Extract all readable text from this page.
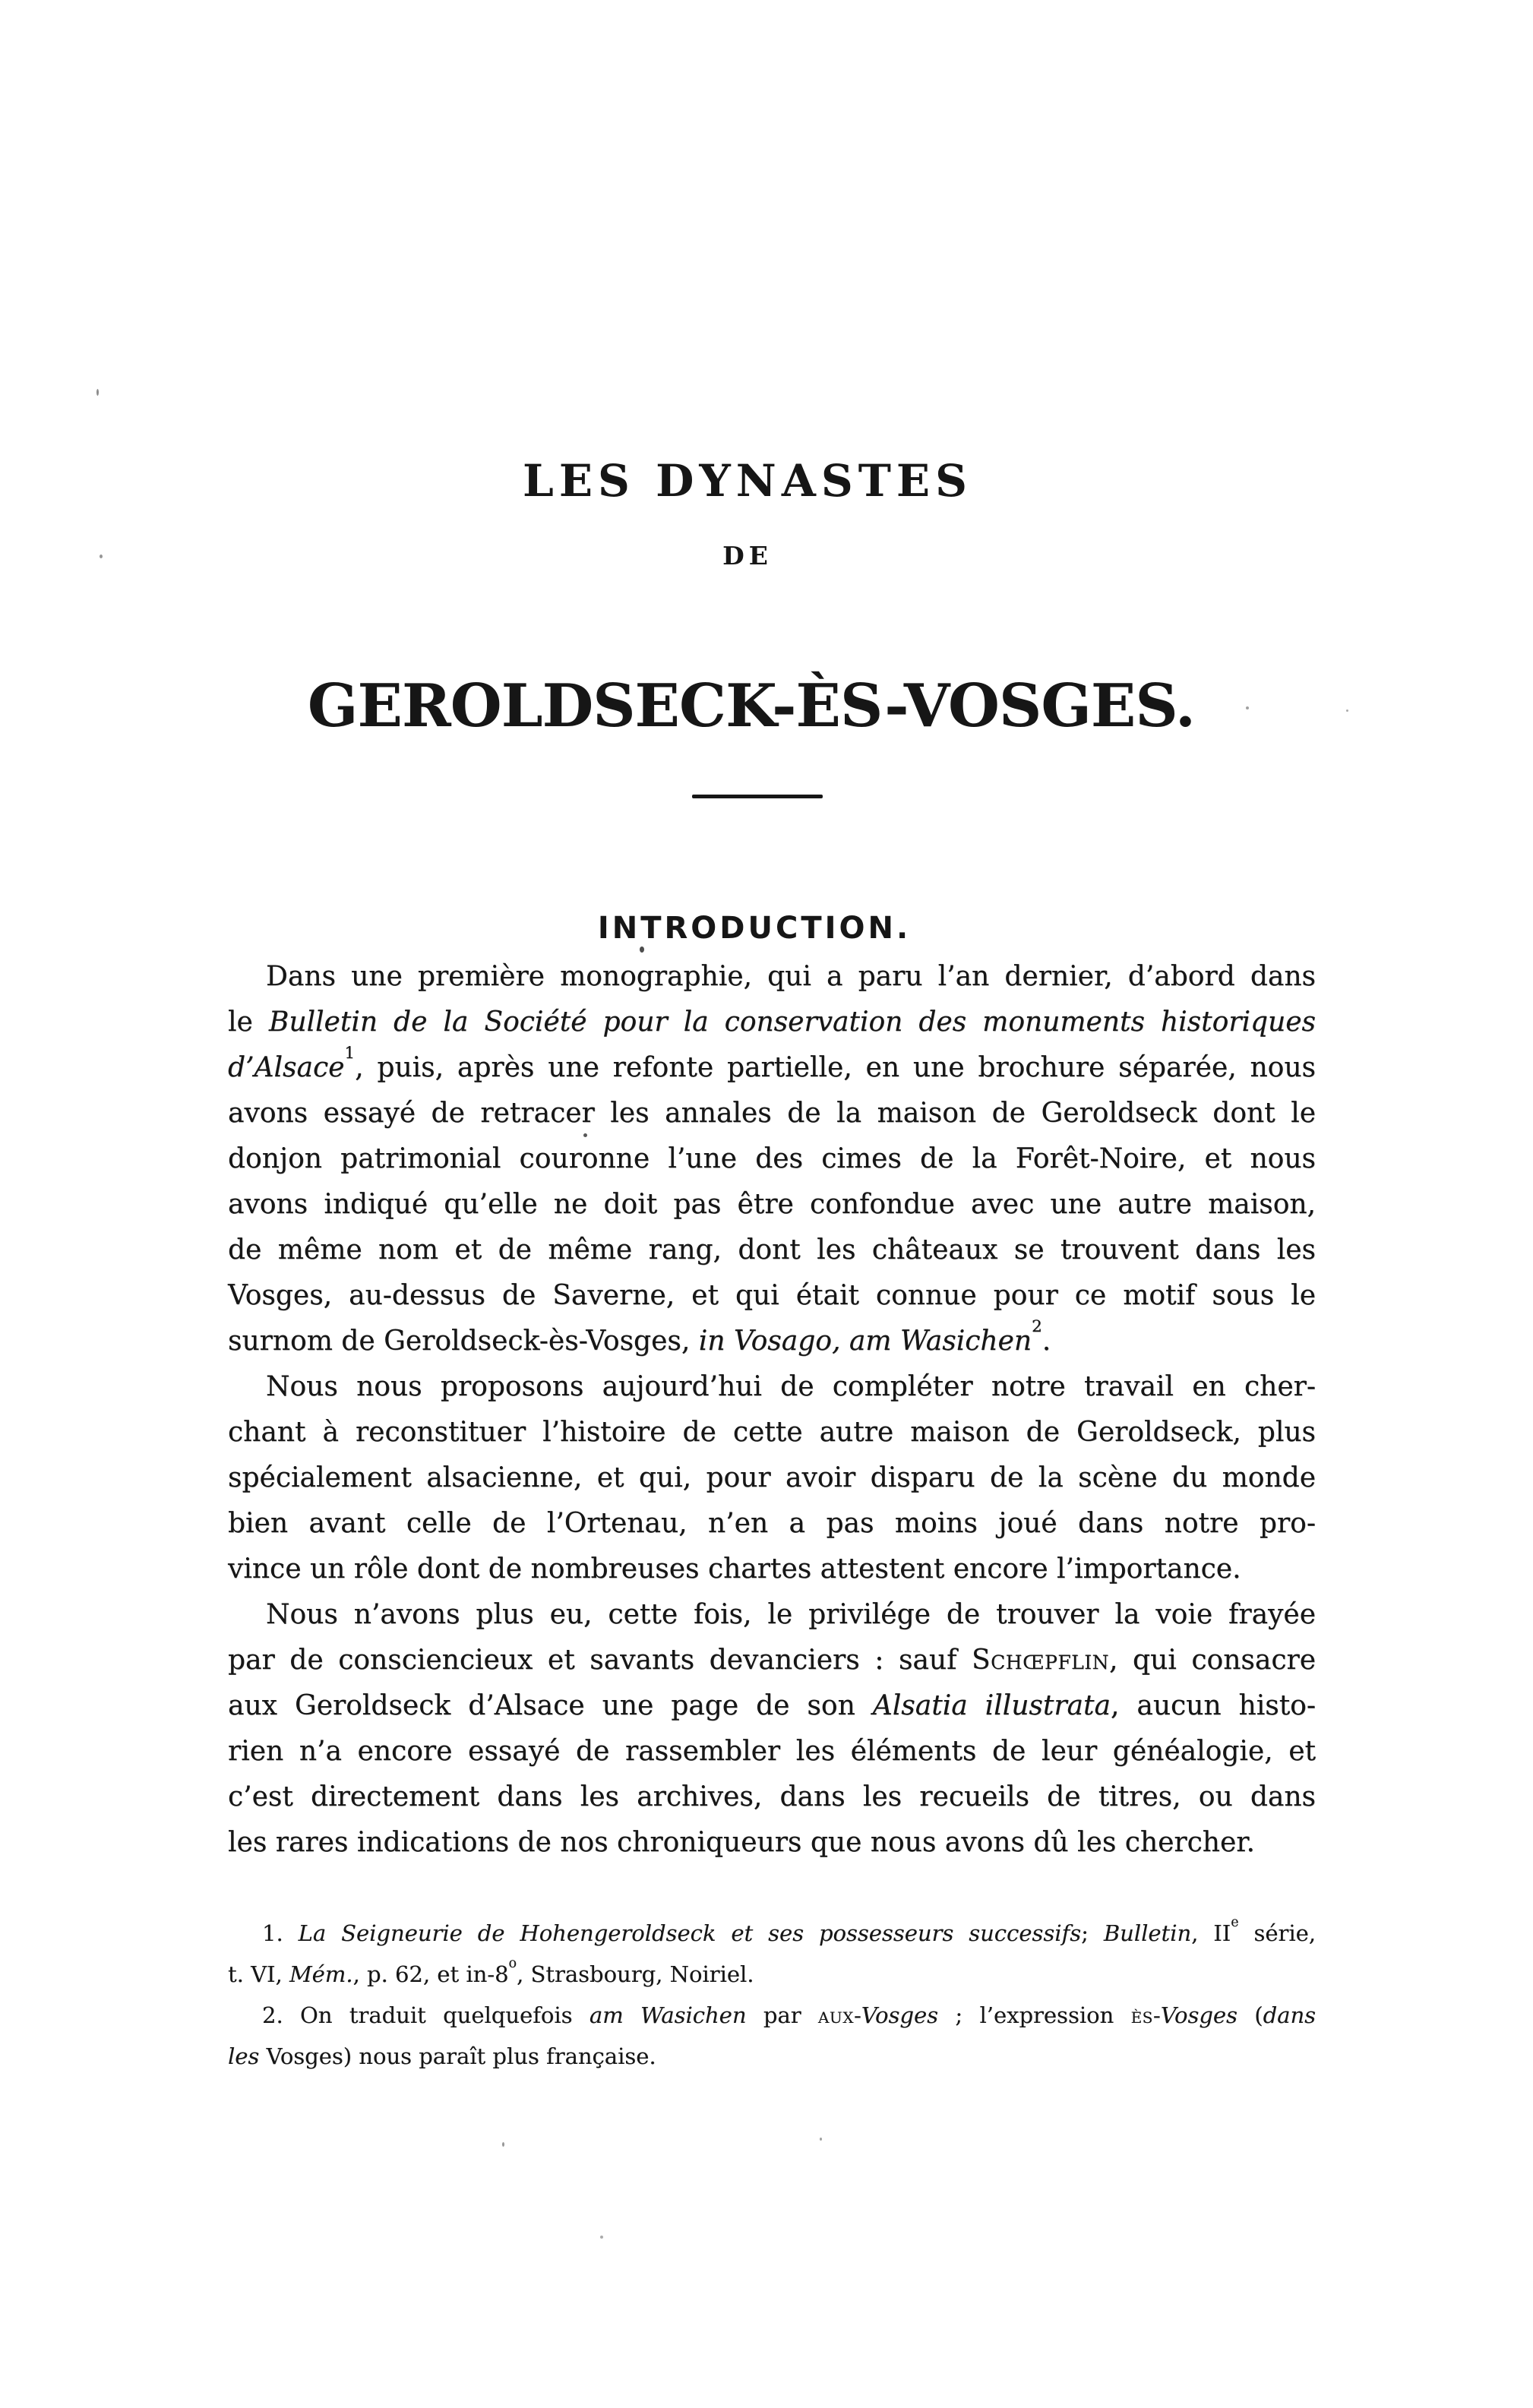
LES DYNASTES
DE
GEROLDSECK-ÈS-VOSGES.
INTRODUCTION.
Dans une première monographie, qui a paru l’an dernier, d’abord dans
le Bulletin de la Société pour la conservation des monuments historiques
d’Alsace$^1$, puis, après une refonte partielle, en une brochure séparée, nous
avons essayé de retracer les annales de la maison de Geroldseck dont le
donjon patrimonial couronne l’une des cimes de la Forêt-Noire, et nous
avons indiqué qu’elle ne doit pas être confondue avec une autre maison,
de même nom et de même rang, dont les châteaux se trouvent dans les
Vosges, au-dessus de Saverne, et qui était connue pour ce motif sous le
surnom de Geroldseck-ès-Vosges, in Vosago, am Wasichen$^2$.
Nous nous proposons aujourd’hui de compléter notre travail en cher-
chant à reconstituer l’histoire de cette autre maison de Geroldseck, plus
spécialement alsacienne, et qui, pour avoir disparu de la scène du monde
bien avant celle de l’Ortenau, n’en a pas moins joué dans notre pro-
vince un rôle dont de nombreuses chartes attestent encore l’importance.
Nous n’avons plus eu, cette fois, le privilége de trouver la voie frayée
par de consciencieux et savants devanciers : sauf Schœpflin, qui consacre
aux Geroldseck d’Alsace une page de son Alsatia illustrata, aucun histo-
rien n’a encore essayé de rassembler les éléments de leur généalogie, et
c’est directement dans les archives, dans les recueils de titres, ou dans
les rares indications de nos chroniqueurs que nous avons dû les chercher.
1. La Seigneurie de Hohengeroldseck et ses possesseurs successifs; Bulletin, IIe série,
t. VI, Mém., p. 62, et in-8$^o$, Strasbourg, Noiriel.
2. On traduit quelquefois am Wasichen par aux-Vosges ; l’expression ès-Vosges (dans
les Vosges) nous paraît plus française.
